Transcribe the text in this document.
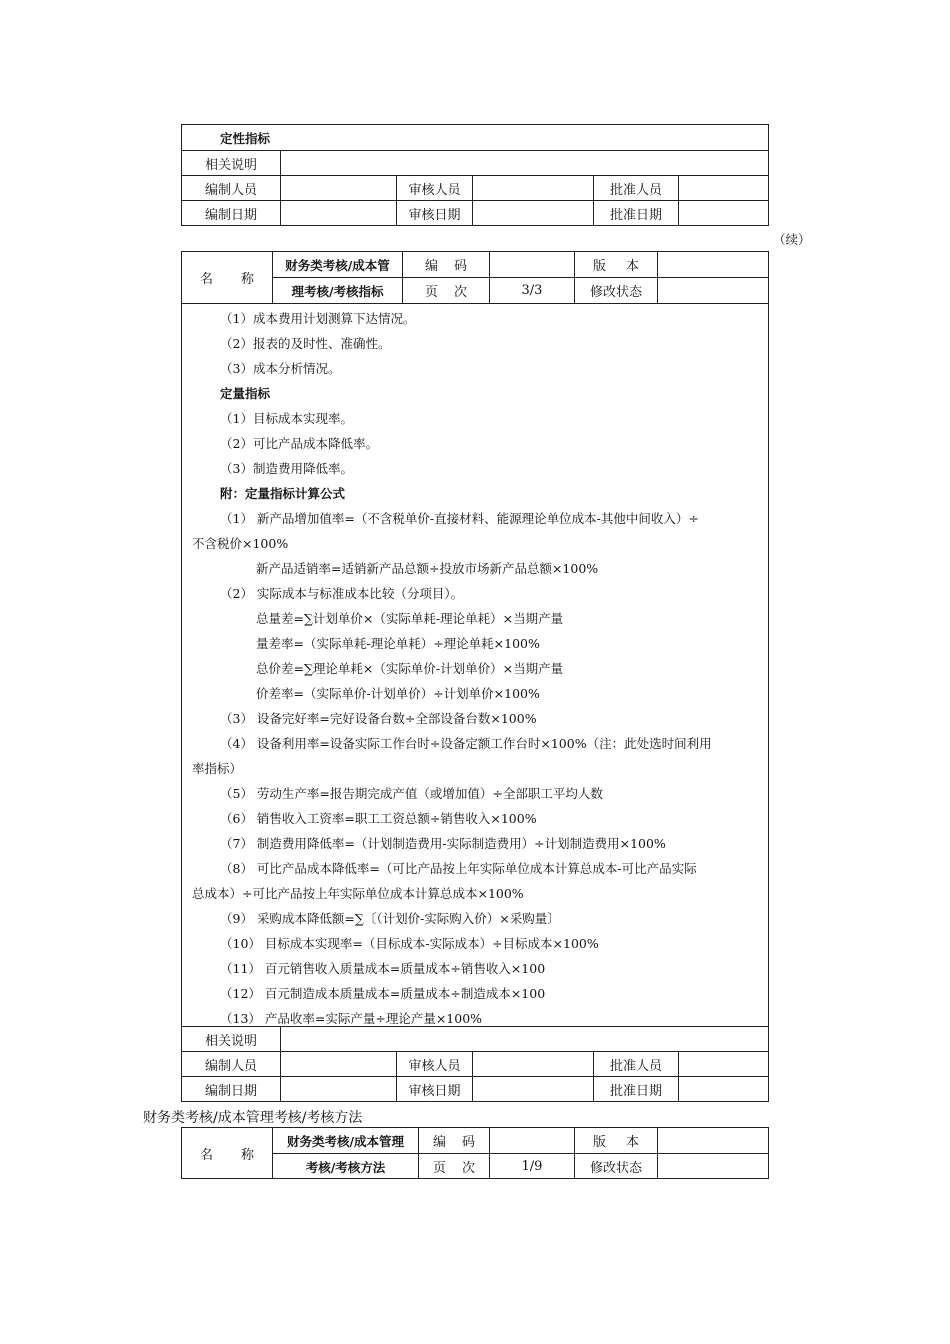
定性指标
相关说明
编制人员	审核人员	批准人员
编制日期	审核日期	批准日期
（续）
名 称
财务类考核/成本管
理考核/考核指标
编 码	版 本
页 次	3/3	修改状态
（1）成本费用计划测算下达情况。
（2）报表的及时性、准确性。
（3）成本分析情况。
定量指标
（1）目标成本实现率。
（2）可比产品成本降低率。
（3）制造费用降低率。
附：定量指标计算公式
（1） 新产品增加值率=（不含税单价-直接材料、能源理论单位成本-其他中间收入）÷
不含税价×100%
新产品适销率=适销新产品总额÷投放市场新产品总额×100%
（2） 实际成本与标准成本比较（分项目）。
总量差=∑计划单价×（实际单耗-理论单耗）×当期产量
量差率=（实际单耗-理论单耗）÷理论单耗×100%
总价差=∑理论单耗×（实际单价-计划单价）×当期产量
价差率=（实际单价-计划单价）÷计划单价×100%
（3） 设备完好率=完好设备台数÷全部设备台数×100%
（4） 设备利用率=设备实际工作台时÷设备定额工作台时×100%（注：此处选时间利用
率指标）
（5） 劳动生产率=报告期完成产值（或增加值）÷全部职工平均人数
（6） 销售收入工资率=职工工资总额÷销售收入×100%
（7） 制造费用降低率=（计划制造费用-实际制造费用）÷计划制造费用×100%
（8） 可比产品成本降低率=（可比产品按上年实际单位成本计算总成本-可比产品实际
总成本）÷可比产品按上年实际单位成本计算总成本×100%
（9） 采购成本降低额=∑〔（计划价-实际购入价）×采购量〕
（10） 目标成本实现率=（目标成本-实际成本）÷目标成本×100%
（11） 百元销售收入质量成本=质量成本÷销售收入×100
（12） 百元制造成本质量成本=质量成本÷制造成本×100
（13） 产品收率=实际产量÷理论产量×100%
相关说明
编制人员	审核人员	批准人员
编制日期	审核日期	批准日期
财务类考核/成本管理考核/考核方法
名 称
财务类考核/成本管理
考核/考核方法
编 码	版 本
页 次	1/9	修改状态
